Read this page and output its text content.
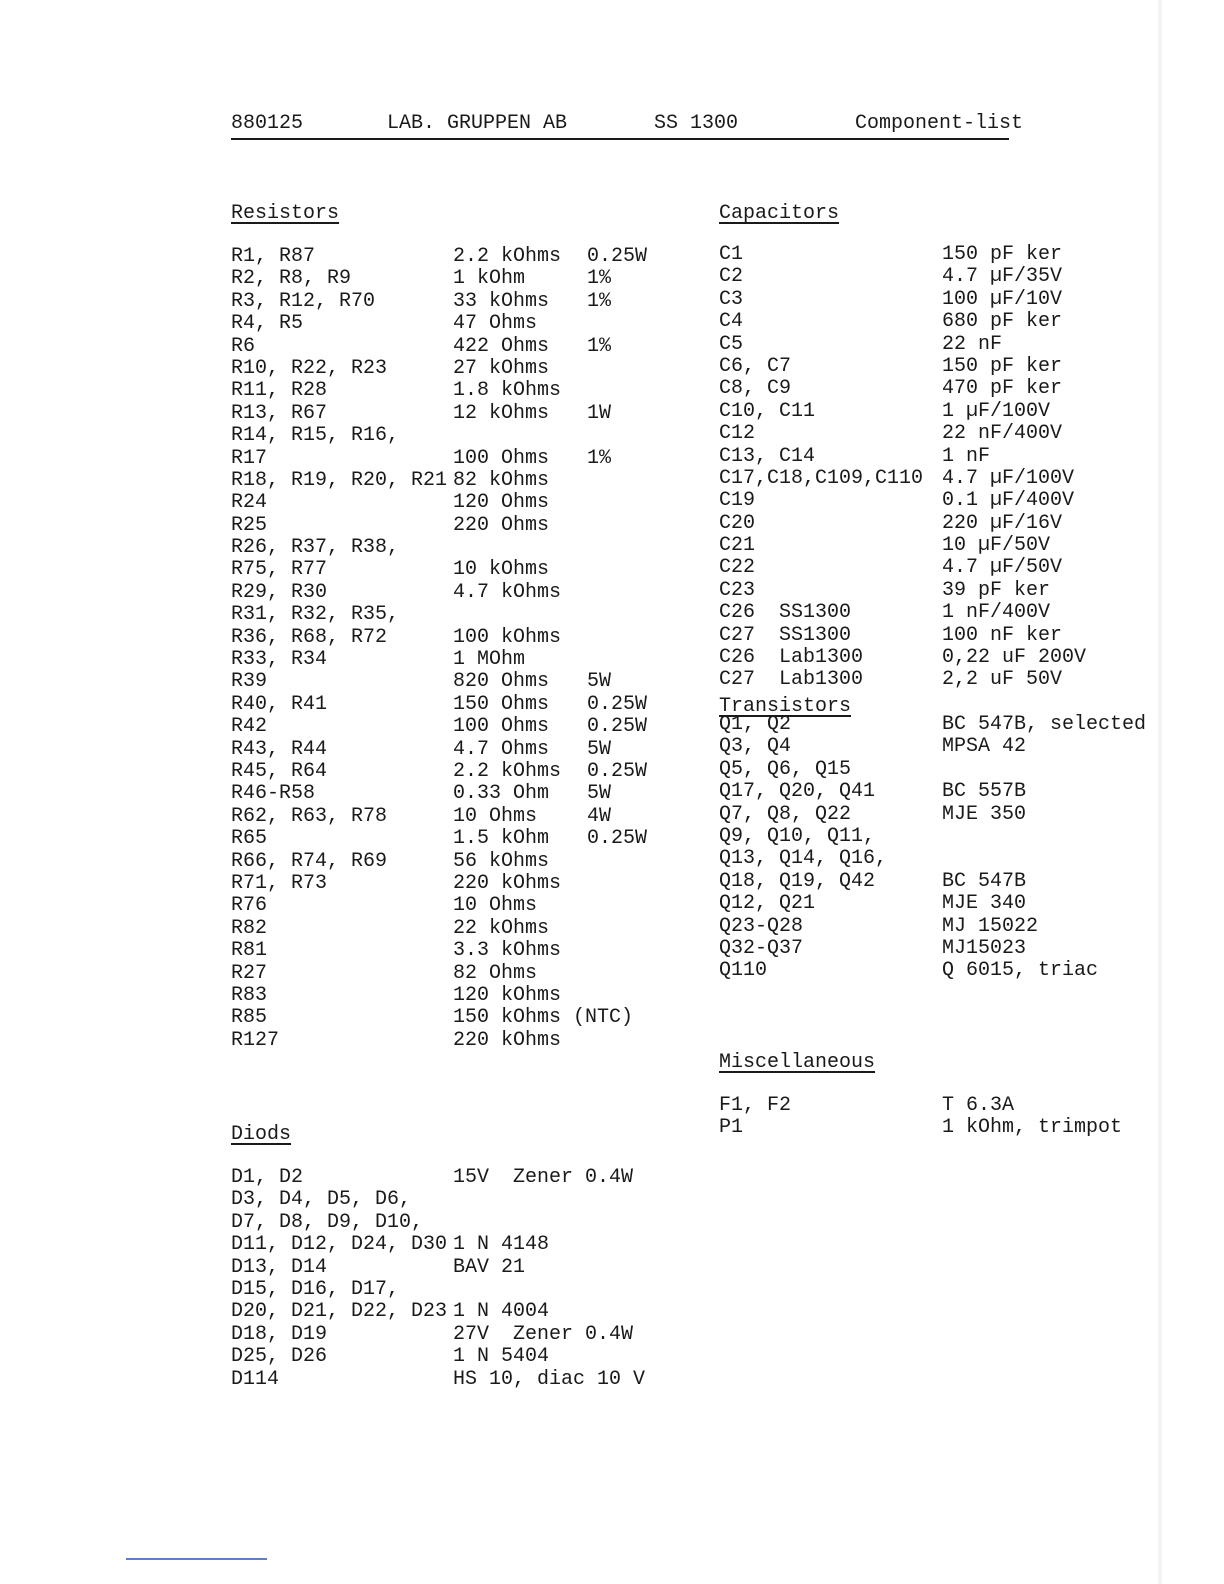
880125	LAB. GRUPPEN AB	SS 1300	Component-list
Resistors
R1, R87	2.2 kOhms 0.25W
R2, R8, R9	1 kOhm	1%
R3, R12, R70	33 kOhms 1%
R4, R5	47 Ohms
R6	422 Ohms 1%
R10, R22, R23	27 kOhms
R11, R28	1.8 kOhms
R13, R67	12 kOhms 1W
R14, R15, R16,
R17	100 Ohms 1%
R18, R19, R20, R21 82 kOhms
R24	120 Ohms
R25	220 Ohms
R26, R37, R38,
R75, R77	10 kOhms
R29, R30	4.7 kOhms
R31, R32, R35,
R36, R68, R72	100 kOhms
R33, R34	1 MOhm
R39	820 Ohms 5W
R40, R41	150 Ohms 0.25W
R42	100 Ohms 0.25W
R43, R44	4.7 Ohms 5W
R45, R64	2.2 kOhms 0.25W
R46-R58	0.33 Ohm 5W
R62, R63, R78	10 Ohms 4W
R65	1.5 kOhm 0.25W
R66, R74, R69	56 kOhms
R71, R73	220 kOhms
R76	10 Ohms
R82	22 kOhms
R81	3.3 kOhms
R27	82 Ohms
R83	120 kOhms
R85	150 kOhms (NTC)
R127	220 kOhms
Diods
D1, D2	15V  Zener 0.4W
D3, D4, D5, D6,
D7, D8, D9, D10,
D11, D12, D24, D30 1 N 4148
D13, D14	BAV 21
D15, D16, D17,
D20, D21, D22, D23 1 N 4004
D18, D19	27V  Zener 0.4W
D25, D26	1 N 5404
D114	HS 10, diac 10 V
Capacitors
C1	150 pF ker
C2	4.7 µF/35V
C3	100 µF/10V
C4	680 pF ker
C5	22 nF
C6, C7	150 pF ker
C8, C9	470 pF ker
C10, C11	1 µF/100V
C12	22 nF/400V
C13, C14	1 nF
C17,C18,C109,C110 4.7 µF/100V
C19	0.1 µF/400V
C20	220 µF/16V
C21	10 µF/50V
C22	4.7 µF/50V
C23	39 pF ker
C26  SS1300	1 nF/400V
C27  SS1300	100 nF ker
C26  Lab1300	0,22 uF 200V
C27  Lab1300	2,2 uF 50V
Transistors
Q1, Q2	BC 547B, selected
Q3, Q4	MPSA 42
Q5, Q6, Q15
Q17, Q20, Q41	BC 557B
Q7, Q8, Q22	MJE 350
Q9, Q10, Q11,
Q13, Q14, Q16,
Q18, Q19, Q42	BC 547B
Q12, Q21	MJE 340
Q23-Q28	MJ 15022
Q32-Q37	MJ15023
Q110	Q 6015, triac
Miscellaneous
F1, F2	T 6.3A
P1	1 kOhm, trimpot
